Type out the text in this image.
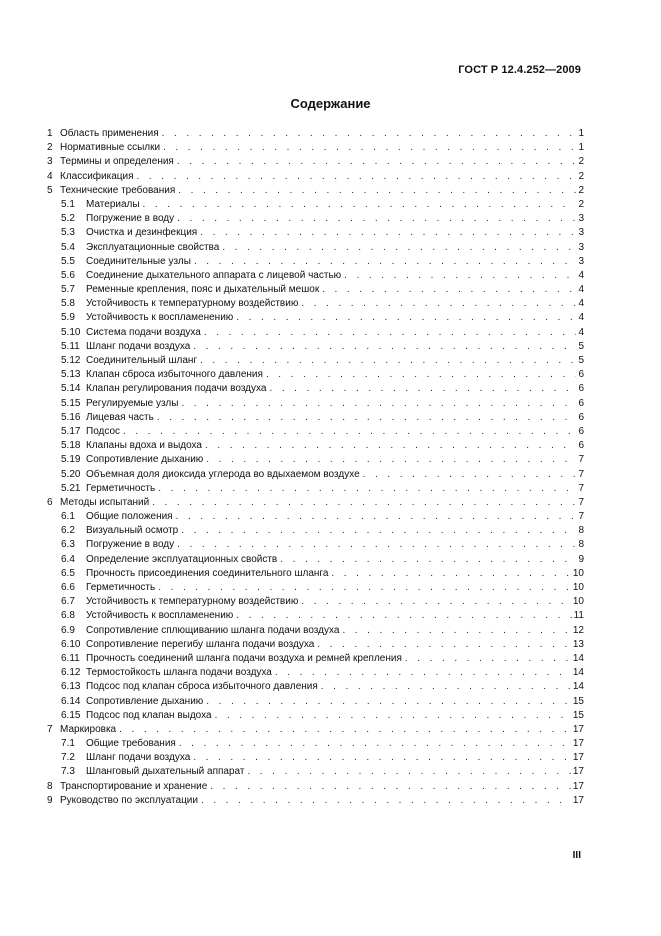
ГОСТ Р 12.4.252—2009
Содержание
1 Область применения . . .	1
2 Нормативные ссылки . . .	1
3 Термины и определения . . .	2
4 Классификация . . .	2
5 Технические требования . . .	2
5.1	Материалы . . .	2
5.2	Погружение в воду . . .	3
5.3	Очистка и дезинфекция . . .	3
5.4	Эксплуатационные свойства . . .	3
5.5	Соединительные узлы . . .	3
5.6	Соединение дыхательного аппарата с лицевой частью . . .	4
5.7	Ременные крепления, пояс и дыхательный мешок . . .	4
5.8	Устойчивость к температурному воздействию . . .	4
5.9	Устойчивость к воспламенению . . .	4
5.10 Система подачи воздуха . . .	4
5.11 Шланг подачи воздуха . . .	5
5.12 Соединительный шланг . . .	5
5.13 Клапан сброса избыточного давления . . .	6
5.14 Клапан регулирования подачи воздуха . . .	6
5.15 Регулируемые узлы . . .	6
5.16 Лицевая часть . . .	6
5.17 Подсос . . .	6
5.18 Клапаны вдоха и выдоха . . .	6
5.19 Сопротивление дыханию . . .	7
5.20 Объемная доля диоксида углерода во вдыхаемом воздухе . . .	7
5.21 Герметичность . . .	7
6 Методы испытаний . . .	7
6.1	Общие положения . . .	7
6.2	Визуальный осмотр . . .	8
6.3	Погружение в воду . . .	8
6.4	Определение эксплуатационных свойств . . .	9
6.5	Прочность присоединения соединительного шланга . . .	10
6.6	Герметичность . . .	10
6.7	Устойчивость к температурному воздействию . . .	10
6.8	Устойчивость к воспламенению . . .	11
6.9	Сопротивление сплющиванию шланга подачи воздуха . . .	12
6.10 Сопротивление перегибу шланга подачи воздуха . . .	13
6.11 Прочность соединений шланга подачи воздуха и ремней крепления . . .	14
6.12 Термостойкость шланга подачи воздуха . . .	14
6.13 Подсос под клапан сброса избыточного давления . . .	14
6.14 Сопротивление дыханию . . .	15
6.15 Подсос под клапан выдоха . . .	15
7 Маркировка . . .	17
7.1	Общие требования . . .	17
7.2	Шланг подачи воздуха . . .	17
7.3	Шланговый дыхательный аппарат . . .	17
8 Транспортирование и хранение . . .	17
9 Руководство по эксплуатации . . .	17
III
